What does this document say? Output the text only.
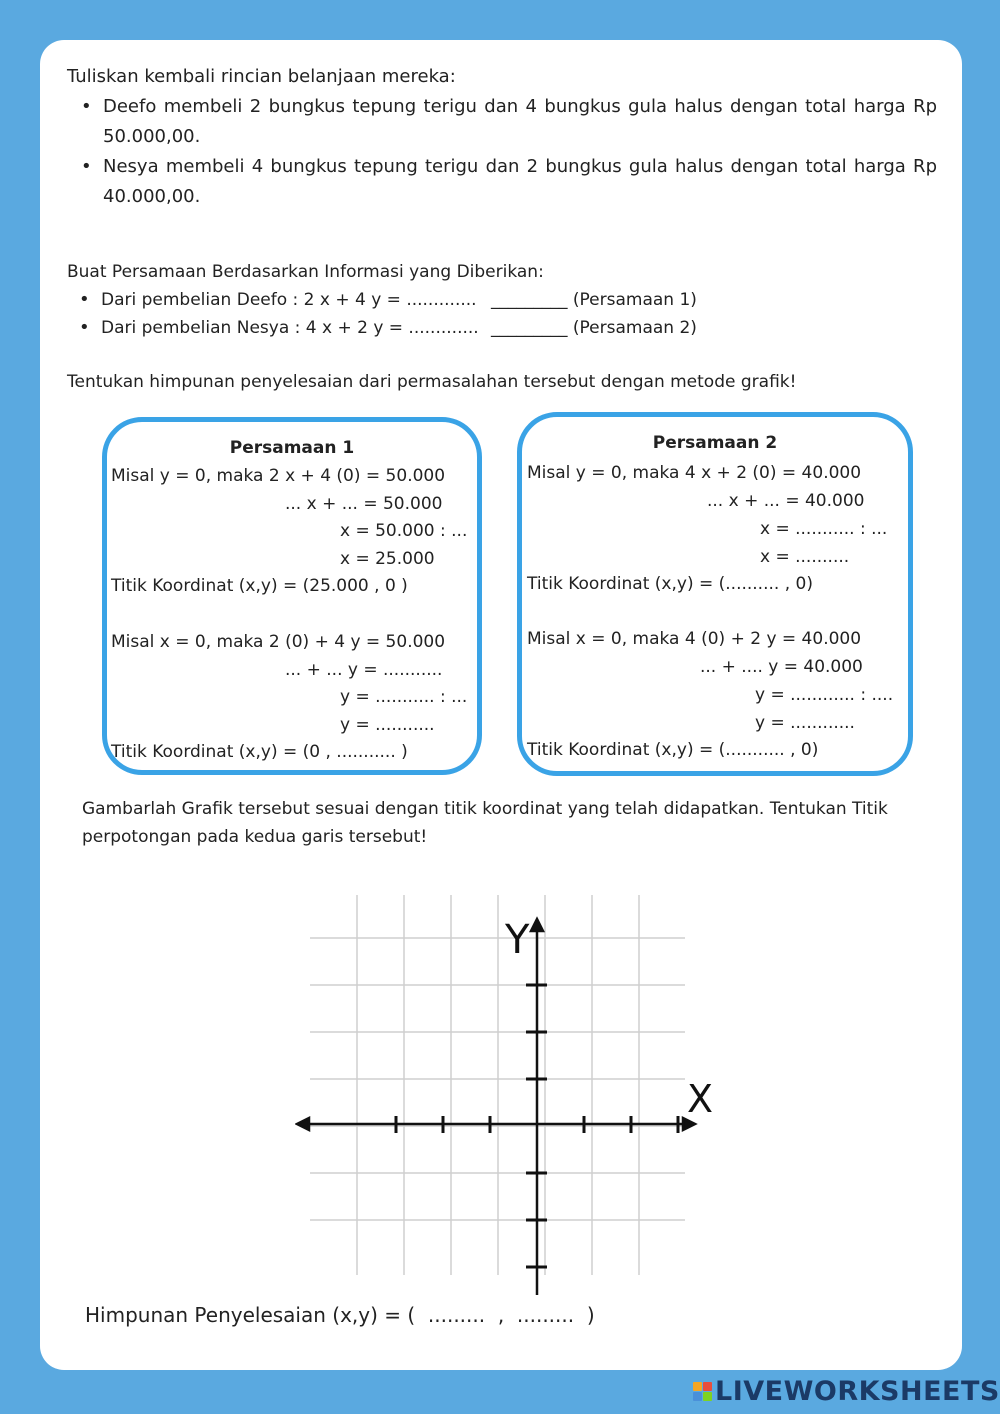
Tuliskan kembali rincian belanjaan mereka:
• Deefo membeli 2 bungkus tepung terigu dan 4 bungkus gula halus dengan total harga Rp 50.000,00.
• Nesya membeli 4 bungkus tepung terigu dan 2 bungkus gula halus dengan total harga Rp 40.000,00.
Buat Persamaan Berdasarkan Informasi yang Diberikan:
• Dari pembelian Deefo : 2 x + 4 y = ............. _________ (Persamaan 1)
• Dari pembelian Nesya : 4 x + 2 y = ............. _________ (Persamaan 2)
Tentukan himpunan penyelesaian dari permasalahan tersebut dengan metode grafik!
Persamaan 1
Misal y = 0, maka 2 x + 4 (0) = 50.000
... x + ... = 50.000
x = 50.000 : ...
x = 25.000
Titik Koordinat (x,y) = (25.000 , 0 )
Misal x = 0, maka 2 (0) + 4 y = 50.000
... + ... y = ...........
y = ........... : ...
y = ...........
Titik Koordinat (x,y) = (0 , ........... )
Persamaan 2
Misal y = 0, maka 4 x + 2 (0) = 40.000
... x + ... = 40.000
x = ........... : ...
x = ..........
Titik Koordinat (x,y) = (.......... , 0)
Misal x = 0, maka 4 (0) + 2 y = 40.000
... + .... y = 40.000
y = ............ : ....
y = ............
Titik Koordinat (x,y) = (........... , 0)
Gambarlah Grafik tersebut sesuai dengan titik koordinat yang telah didapatkan. Tentukan Titik perpotongan pada kedua garis tersebut!
Y
X
Himpunan Penyelesaian (x,y) = (  .........  ,  .........  )
LIVEWORKSHEETS
